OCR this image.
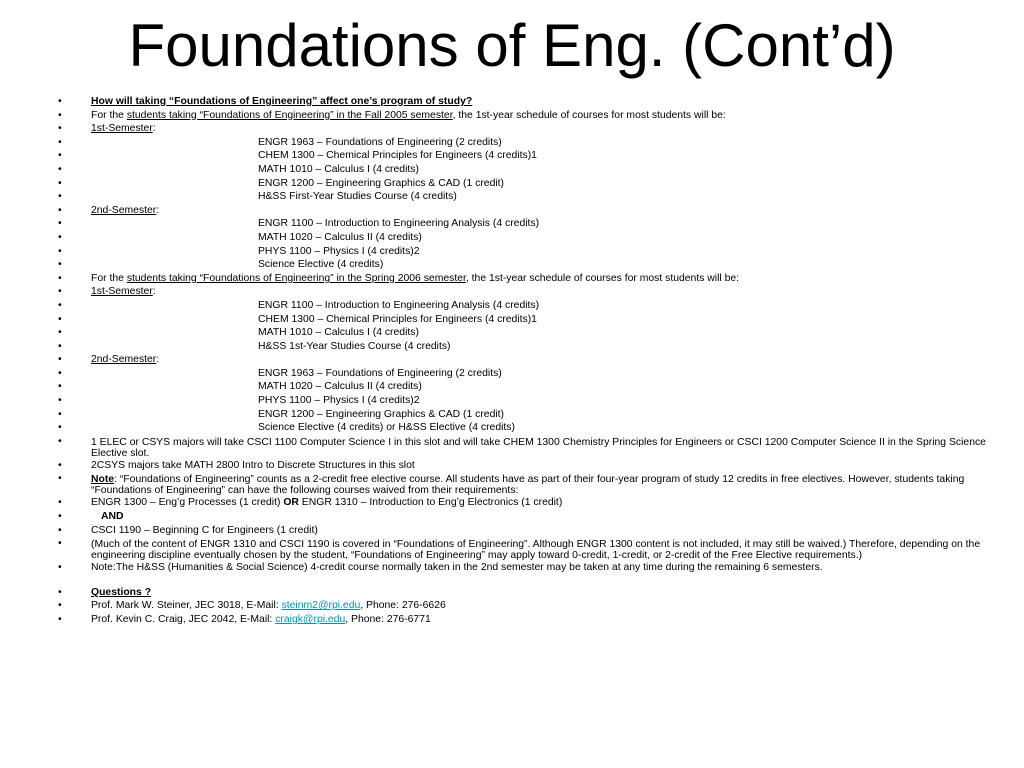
Foundations of Eng. (Cont’d)
•	How will taking “Foundations of Engineering” affect one’s program of study?
•	For the students taking “Foundations of Engineering” in the Fall 2005 semester, the 1st-year schedule of courses for most students will be:
•	1st-Semester:
•	ENGR 1963 – Foundations of Engineering (2 credits)
•	CHEM 1300 – Chemical Principles for Engineers (4 credits)1
•	MATH 1010 – Calculus I (4 credits)
•	ENGR 1200 – Engineering Graphics & CAD (1 credit)
•	H&SS First-Year Studies Course (4 credits)
•	2nd-Semester:
•	ENGR 1100 – Introduction to Engineering Analysis (4 credits)
•	MATH 1020 – Calculus II (4 credits)
•	PHYS 1100 – Physics I (4 credits)2
•	Science Elective (4 credits)
•	For the students taking “Foundations of Engineering” in the Spring 2006 semester, the 1st-year schedule of courses for most students will be:
•	1st-Semester:
•	ENGR 1100 – Introduction to Engineering Analysis (4 credits)
•	CHEM 1300 – Chemical Principles for Engineers (4 credits)1
•	MATH 1010 – Calculus I (4 credits)
•	H&SS 1st-Year Studies Course (4 credits)
•	2nd-Semester:
•	ENGR 1963 – Foundations of Engineering (2 credits)
•	MATH 1020 – Calculus II (4 credits)
•	PHYS 1100 – Physics I (4 credits)2
•	ENGR 1200 – Engineering Graphics & CAD (1 credit)
•	Science Elective (4 credits) or H&SS Elective (4 credits)
•	1 ELEC or CSYS majors will take CSCI 1100 Computer Science I in this slot and will take CHEM 1300 Chemistry Principles for Engineers or CSCI 1200 Computer Science II in the Spring Science Elective slot.
•	2CSYS majors take MATH 2800 Intro to Discrete Structures in this slot
•	Note: “Foundations of Engineering” counts as a 2-credit free elective course. All students have as part of their four-year program of study 12 credits in free electives. However, students taking “Foundations of Engineering” can have the following courses waived from their requirements:
•	ENGR 1300 – Eng’g Processes (1 credit) OR ENGR 1310 – Introduction to Eng’g Electronics (1 credit)
•	AND
•	CSCI 1190 – Beginning C for Engineers (1 credit)
•	(Much of the content of ENGR 1310 and CSCI 1190 is covered in “Foundations of Engineering”. Although ENGR 1300 content is not included, it may still be waived.) Therefore, depending on the engineering discipline eventually chosen by the student, “Foundations of Engineering” may apply toward 0-credit, 1-credit, or 2-credit of the Free Elective requirements.)
•	Note:The H&SS (Humanities & Social Science) 4-credit course normally taken in the 2nd semester may be taken at any time during the remaining 6 semesters.
•	Questions ?
•	Prof. Mark W. Steiner, JEC 3018, E-Mail: steinm2@rpi.edu, Phone: 276-6626
•	Prof. Kevin C. Craig, JEC 2042, E-Mail: craigk@rpi.edu, Phone: 276-6771
